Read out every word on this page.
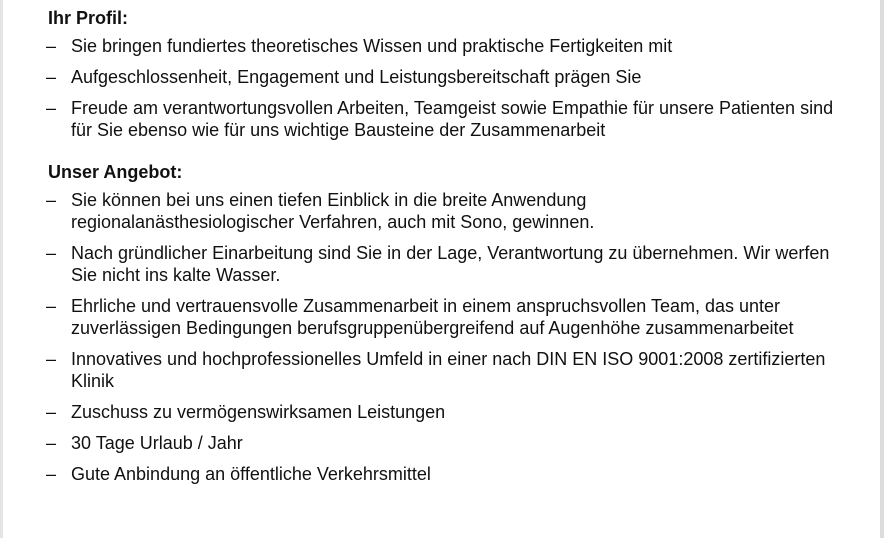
Ihr Profil:
– Sie bringen fundiertes theoretisches Wissen und praktische Fertigkeiten mit
– Aufgeschlossenheit, Engagement und Leistungsbereitschaft prägen Sie
– Freude am verantwortungsvollen Arbeiten, Teamgeist sowie Empathie für unsere Patienten sind für Sie ebenso wie für uns wichtige Bausteine der Zusammenarbeit
Unser Angebot:
– Sie können bei uns einen tiefen Einblick in die breite Anwendung regionalanästhesiologischer Verfahren, auch mit Sono, gewinnen.
– Nach gründlicher Einarbeitung sind Sie in der Lage, Verantwortung zu übernehmen. Wir werfen Sie nicht ins kalte Wasser.
– Ehrliche und vertrauensvolle Zusammenarbeit in einem anspruchsvollen Team, das unter zuverlässigen Bedingungen berufsgruppenübergreifend auf Augenhöhe zusammenarbeitet
– Innovatives und hochprofessionelles Umfeld in einer nach DIN EN ISO 9001:2008 zertifizierten Klinik
– Zuschuss zu vermögenswirksamen Leistungen
– 30 Tage Urlaub / Jahr
– Gute Anbindung an öffentliche Verkehrsmittel
